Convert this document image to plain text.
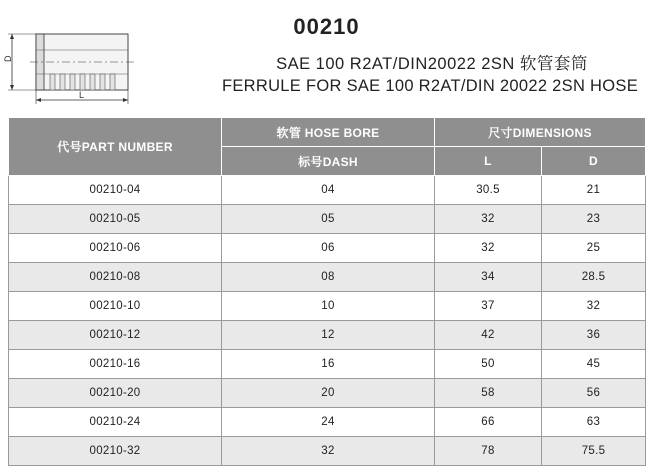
D
L
00210
SAE 100 R2AT/DIN20022 2SN 软管套筒
FERRULE FOR SAE 100 R2AT/DIN 20022 2SN HOSE
代号PART NUMBER	软管 HOSE BORE	尺寸DIMENSIONS	
	标号DASH	L	D
00210-04	04	30.5	21
00210-05	05	32	23
00210-06	06	32	25
00210-08	08	34	28.5
00210-10	10	37	32
00210-12	12	42	36
00210-16	16	50	45
00210-20	20	58	56
00210-24	24	66	63
00210-32	32	78	75.5
